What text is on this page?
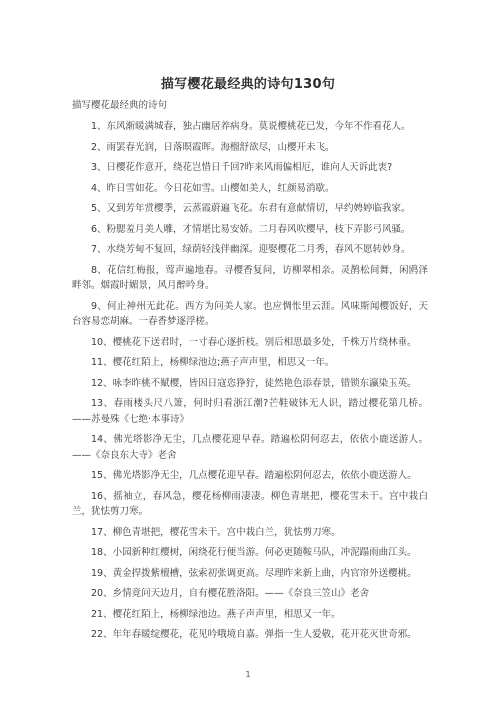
描写樱花最经典的诗句130句
描写樱花最经典的诗句

1、东风渐暖满城春，独占幽居养病身。莫说樱桃花已发，今年不作看花人。

2、雨罢春光润，日落暝霞晖。海榴舒欲尽，山樱开未飞。

3、日樱花作意开，绕花岂惜日千回?昨来风雨偏相厄，谁向人天诉此衷?

4、昨日雪如花。今日花如雪。山樱如美人，红颜易消歇。

5、又到芳年赏樱季，云蒸霞蔚遍飞花。东君有意献情切，早约娉婷临我家。

6、粉腮羞月美人雕，才情堪比易安娇。二月春风吹樱早，枝下弄影弓风骚。

7、水绕芳甸不复回，绿荫轻浅伴幽深。迎娶樱花二月秀，春风不愿转妙身。

8、花信红梅报，莺声遍地春。寻樱香复问，访柳翠相亲。灵鹊松间舞，闲鸥泽畔邻。烟霞时媚景，风月醉吟身。

9、何止神州无此花。西方为问美人家。也应惆怅里云涯。风味斯闻樱饭好，天台容易恋胡麻。一春香梦逐浮槎。

10、樱桃花下送君时，一寸春心逐折枝。别后相思最多处，千株万片绕林垂。

11、樱花红陌上，杨柳绿池边;燕子声声里，相思又一年。

12、咏李昨桃不赋樱，皆因日寇恣狰狞，徒然艳色添春景，错锁东瀛染玉英。

13、春雨楼头尺八箫，何时归看浙江潮?芒鞋破钵无人识，踏过樱花第几桥。——苏曼殊《七绝·本事诗》

14、佛光塔影净无尘，几点樱花迎早春。踏遍松阴何忍去，依依小鹿送游人。——《奈良东大寺》老舍

15、佛光塔影净无尘，几点樱花迎早春。踏遍松阴何忍去，依依小鹿送游人。

16、摇袖立，春风急，樱花杨柳雨凄凄。柳色青堪把，樱花雪未干。宫中栽白兰，犹怯剪刀寒。

17、柳色青堪把，樱花雪未干。宫中栽白兰，犹怯剪刀寒。

18、小园新种红樱树，闲绕花行便当游。何必更随鞍马队，冲泥蹋雨曲江头。

19、黄金捍拨紫檀槽，弦索初张调更高。尽理昨来新上曲，内官帘外送樱桃。

20、乡情竟问天边月，自有樱花胜洛阳。——《奈良三笠山》老舍

21、樱花红陌上，杨柳绿池边。燕子声声里，相思又一年。

22、年年春暖绽樱花，花见吟哦境自嘉。弹指一生人爱敬，花开花灭世奇邪。

1
